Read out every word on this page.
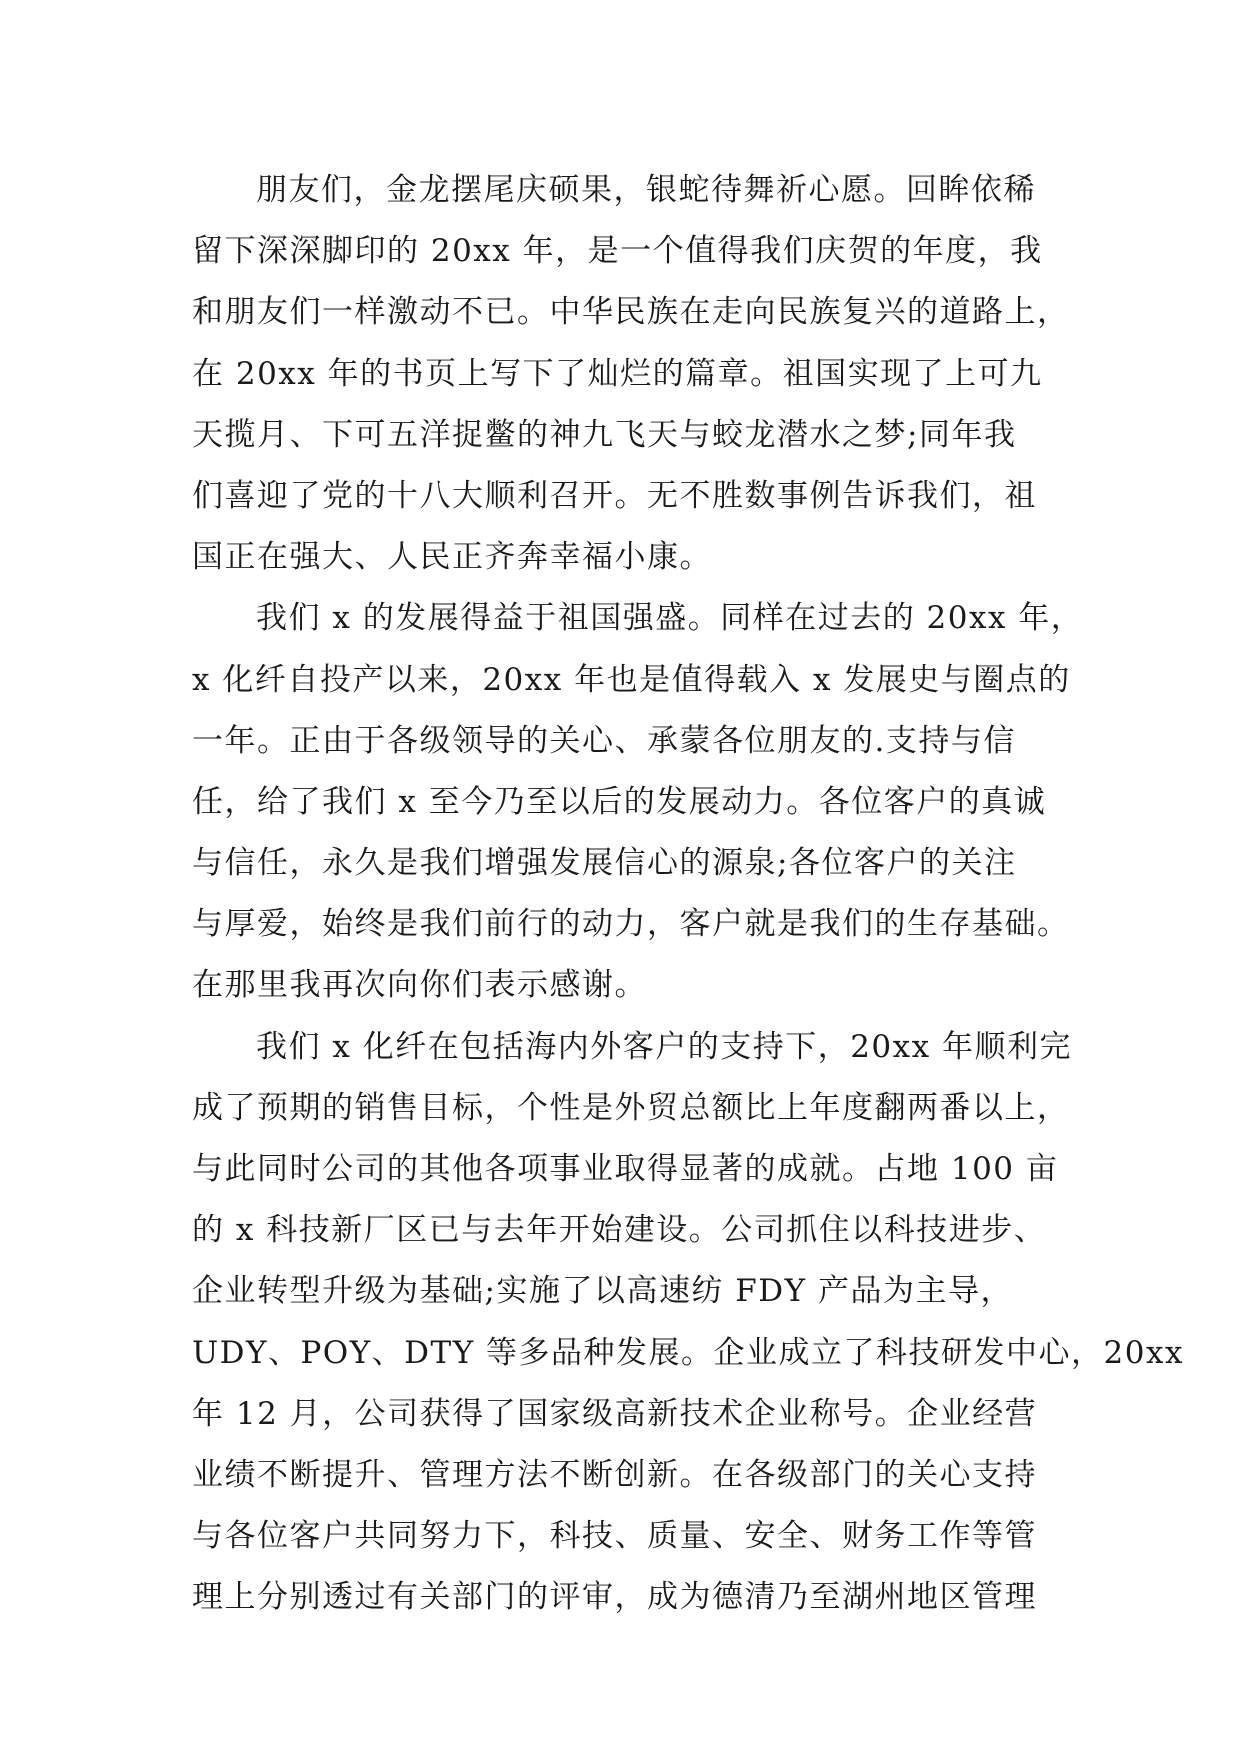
朋友们，金龙摆尾庆硕果，银蛇待舞祈心愿。回眸依稀
留下深深脚印的 20xx 年，是一个值得我们庆贺的年度，我
和朋友们一样激动不已。中华民族在走向民族复兴的道路上，
在 20xx 年的书页上写下了灿烂的篇章。祖国实现了上可九
天揽月、下可五洋捉鳖的神九飞天与蛟龙潜水之梦;同年我
们喜迎了党的十八大顺利召开。无不胜数事例告诉我们，祖
国正在强大、人民正齐奔幸福小康。
我们 x 的发展得益于祖国强盛。同样在过去的 20xx 年，
x 化纤自投产以来，20xx 年也是值得载入 x 发展史与圈点的
一年。正由于各级领导的关心、承蒙各位朋友的.支持与信
任，给了我们 x 至今乃至以后的发展动力。各位客户的真诚
与信任，永久是我们增强发展信心的源泉;各位客户的关注
与厚爱，始终是我们前行的动力，客户就是我们的生存基础。
在那里我再次向你们表示感谢。
我们 x 化纤在包括海内外客户的支持下，20xx 年顺利完
成了预期的销售目标，个性是外贸总额比上年度翻两番以上，
与此同时公司的其他各项事业取得显著的成就。占地 100 亩
的 x 科技新厂区已与去年开始建设。公司抓住以科技进步、
企业转型升级为基础;实施了以高速纺 FDY 产品为主导，
UDY、POY、DTY 等多品种发展。企业成立了科技研发中心，20xx
年 12 月，公司获得了国家级高新技术企业称号。企业经营
业绩不断提升、管理方法不断创新。在各级部门的关心支持
与各位客户共同努力下，科技、质量、安全、财务工作等管
理上分别透过有关部门的评审，成为德清乃至湖州地区管理
